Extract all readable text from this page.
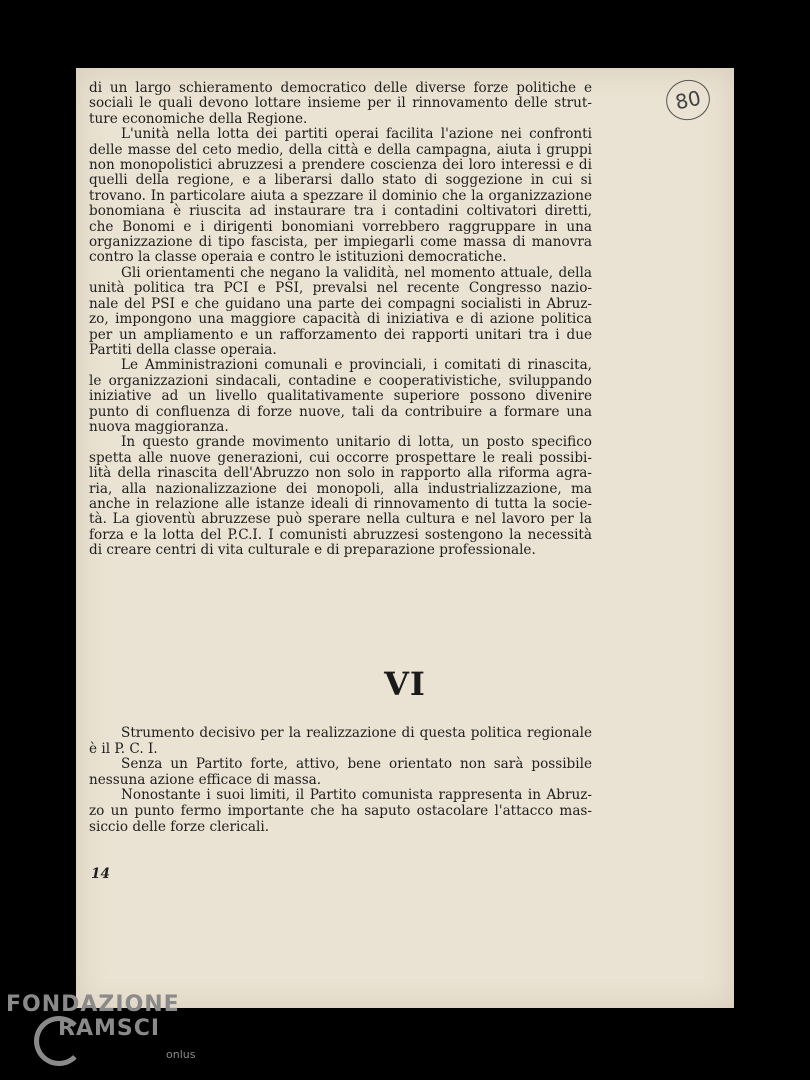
80

di un largo schieramento democratico delle diverse forze politiche e
sociali le quali devono lottare insieme per il rinnovamento delle strut-
ture economiche della Regione.

L'unità nella lotta dei partiti operai facilita l'azione nei confronti
delle masse del ceto medio, della città e della campagna, aiuta i gruppi
non monopolistici abruzzesi a prendere coscienza dei loro interessi e di
quelli della regione, e a liberarsi dallo stato di soggezione in cui si
trovano. In particolare aiuta a spezzare il dominio che la organizzazione
bonomiana è riuscita ad instaurare tra i contadini coltivatori diretti,
che Bonomi e i dirigenti bonomiani vorrebbero raggruppare in una
organizzazione di tipo fascista, per impiegarli come massa di manovra
contro la classe operaia e contro le istituzioni democratiche.

Gli orientamenti che negano la validità, nel momento attuale, della
unità politica tra PCI e PSI, prevalsi nel recente Congresso nazio-
nale del PSI e che guidano una parte dei compagni socialisti in Abruz-
zo, impongono una maggiore capacità di iniziativa e di azione politica
per un ampliamento e un rafforzamento dei rapporti unitari tra i due
Partiti della classe operaia.

Le Amministrazioni comunali e provinciali, i comitati di rinascita,
le organizzazioni sindacali, contadine e cooperativistiche, sviluppando
iniziative ad un livello qualitativamente superiore possono divenire
punto di confluenza di forze nuove, tali da contribuire a formare una
nuova maggioranza.

In questo grande movimento unitario di lotta, un posto specifico
spetta alle nuove generazioni, cui occorre prospettare le reali possibi-
lità della rinascita dell'Abruzzo non solo in rapporto alla riforma agra-
ria, alla nazionalizzazione dei monopoli, alla industrializzazione, ma
anche in relazione alle istanze ideali di rinnovamento di tutta la socie-
tà. La gioventù abruzzese può sperare nella cultura e nel lavoro per la
forza e la lotta del P.C.I. I comunisti abruzzesi sostengono la necessità
di creare centri di vita culturale e di preparazione professionale.

VI

Strumento decisivo per la realizzazione di questa politica regionale
è il P. C. I.

Senza un Partito forte, attivo, bene orientato non sarà possibile
nessuna azione efficace di massa.

Nonostante i suoi limiti, il Partito comunista rappresenta in Abruz-
zo un punto fermo importante che ha saputo ostacolare l'attacco mas-
siccio delle forze clericali.

14
FONDAZIONE
RAMSCI
onlus
